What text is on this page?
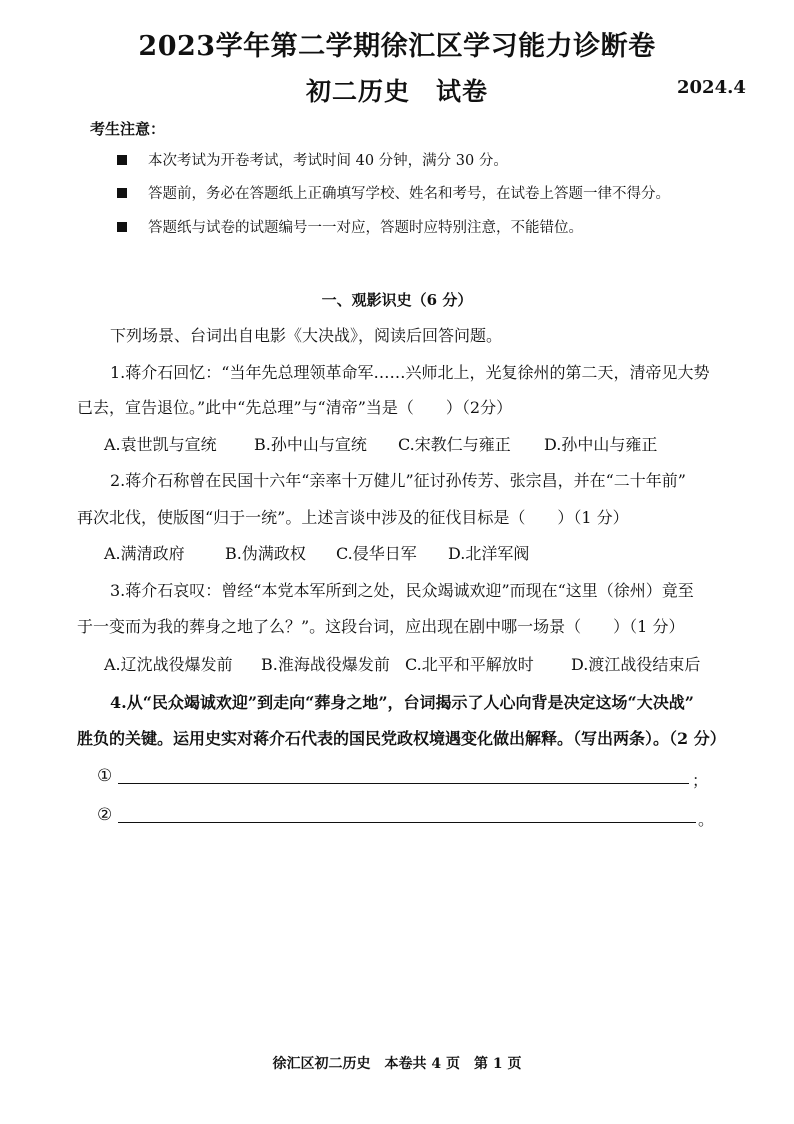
2023学年第二学期徐汇区学习能力诊断卷
初二历史　试卷	2024.4
考生注意：
本次考试为开卷考试，考试时间 40 分钟，满分 30 分。
答题前，务必在答题纸上正确填写学校、姓名和考号，在试卷上答题一律不得分。
答题纸与试卷的试题编号一一对应，答题时应特别注意，不能错位。
一、观影识史（6 分）
下列场景、台词出自电影《大决战》，阅读后回答问题。
1.蒋介石回忆：“当年先总理领革命军……兴师北上，光复徐州的第二天，清帝见大势
已去，宣告退位。”此中“先总理”与“清帝”当是（　　）（2分）
A.袁世凯与宣统 B.孙中山与宣统 C.宋教仁与雍正 D.孙中山与雍正
2.蒋介石称曾在民国十六年“亲率十万健儿”征讨孙传芳、张宗昌，并在“二十年前”
再次北伐，使版图“归于一统”。上述言谈中涉及的征伐目标是（　　）（1 分）
A.满清政府	B.伪满政权 C.侵华日军 D.北洋军阀
3.蒋介石哀叹：曾经“本党本军所到之处，民众竭诚欢迎”而现在“这里（徐州）竟至
于一变而为我的葬身之地了么？”。这段台词，应出现在剧中哪一场景（　　）（1 分）
A.辽沈战役爆发前 B.淮海战役爆发前 C.北平和平解放时 D.渡江战役结束后
4.从“民众竭诚欢迎”到走向“葬身之地”，台词揭示了人心向背是决定这场“大决战”
胜负的关键。运用史实对蒋介石代表的国民党政权境遇变化做出解释。（写出两条）。（2 分）
①	；
②	。
徐汇区初二历史　本卷共 4 页　第 1 页
